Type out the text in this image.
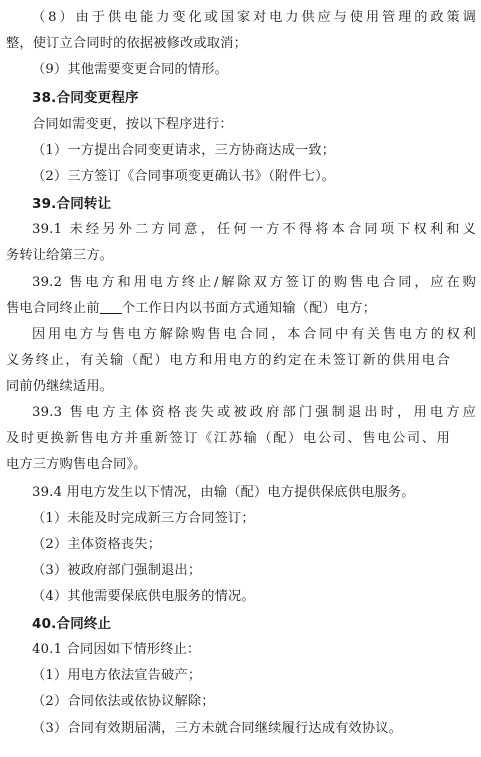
（8）由于供电能力变化或国家对电力供应与使用管理的政策调
整，使订立合同时的依据被修改或取消；
（9）其他需要变更合同的情形。
38.合同变更程序
合同如需变更，按以下程序进行：
（1）一方提出合同变更请求，三方协商达成一致；
（2）三方签订《合同事项变更确认书》（附件七）。
39.合同转让
39.1 未经另外二方同意，任何一方不得将本合同项下权利和义
务转让给第三方。
39.2 售电方和用电方终止/解除双方签订的购售电合同，应在购
售电合同终止前 个工作日内以书面方式通知输（配）电方；
因用电方与售电方解除购售电合同，本合同中有关售电方的权利
义务终止，有关输（配）电方和用电方的约定在未签订新的供用电合
同前仍继续适用。
39.3 售电方主体资格丧失或被政府部门强制退出时，用电方应
及时更换新售电方并重新签订《江苏输（配）电公司、售电公司、用
电方三方购售电合同》。
39.4 用电方发生以下情况，由输（配）电方提供保底供电服务。
（1）未能及时完成新三方合同签订；
（2）主体资格丧失；
（3）被政府部门强制退出；
（4）其他需要保底供电服务的情况。
40.合同终止
40.1 合同因如下情形终止：
（1）用电方依法宣告破产；
（2）合同依法或依协议解除；
（3）合同有效期届满，三方未就合同继续履行达成有效协议。
